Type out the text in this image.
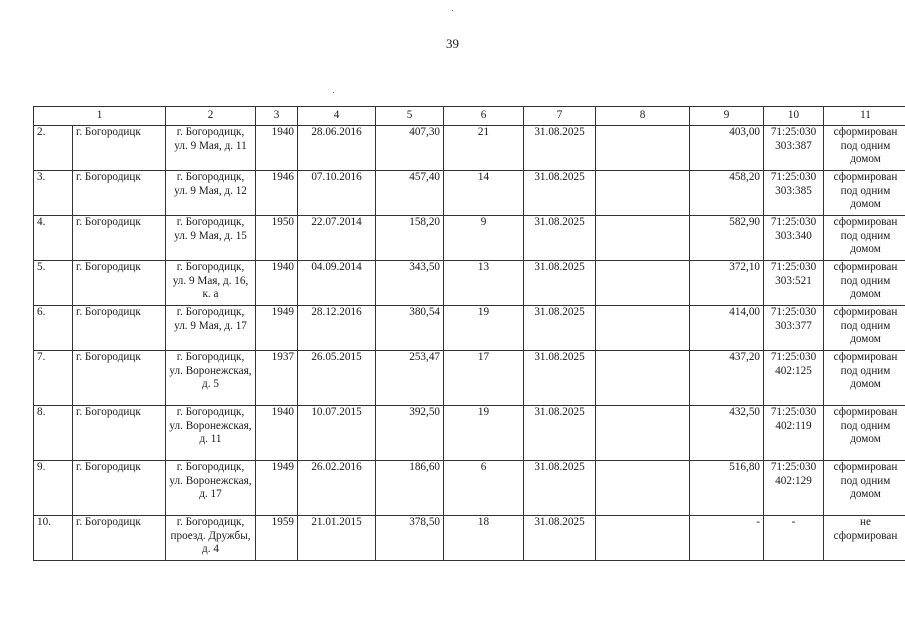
39
1		2	3	4	5	6	7	8	9	10	11
2.	г. Богородицк	г. Богородицк, ул. 9 Мая, д. 11	1940	28.06.2016	407,30	21	31.08.2025		403,00	71:25:030 303:387	сформирован под одним домом
3.	г. Богородицк	г. Богородицк, ул. 9 Мая, д. 12	1946	07.10.2016	457,40	14	31.08.2025		458,20	71:25:030 303:385	сформирован под одним домом
4.	г. Богородицк	г. Богородицк, ул. 9 Мая, д. 15	1950	22.07.2014	158,20	9	31.08.2025		582,90	71:25:030 303:340	сформирован под одним домом
5.	г. Богородицк	г. Богородицк, ул. 9 Мая, д. 16, к. а	1940	04.09.2014	343,50	13	31.08.2025		372,10	71:25:030 303:521	сформирован под одним домом
6.	г. Богородицк	г. Богородицк, ул. 9 Мая, д. 17	1949	28.12.2016	380,54	19	31.08.2025		414,00	71:25:030 303:377	сформирован под одним домом
7.	г. Богородицк	г. Богородицк, ул. Воронежская, д. 5	1937	26.05.2015	253,47	17	31.08.2025		437,20	71:25:030 402:125	сформирован под одним домом
8.	г. Богородицк	г. Богородицк, ул. Воронежская, д. 11	1940	10.07.2015	392,50	19	31.08.2025		432,50	71:25:030 402:119	сформирован под одним домом
9.	г. Богородицк	г. Богородицк, ул. Воронежская, д. 17	1949	26.02.2016	186,60	6	31.08.2025		516,80	71:25:030 402:129	сформирован под одним домом
10.	г. Богородицк	г. Богородицк, проезд. Дружбы, д. 4	1959	21.01.2015	378,50	18	31.08.2025		-	-	не сформирован
